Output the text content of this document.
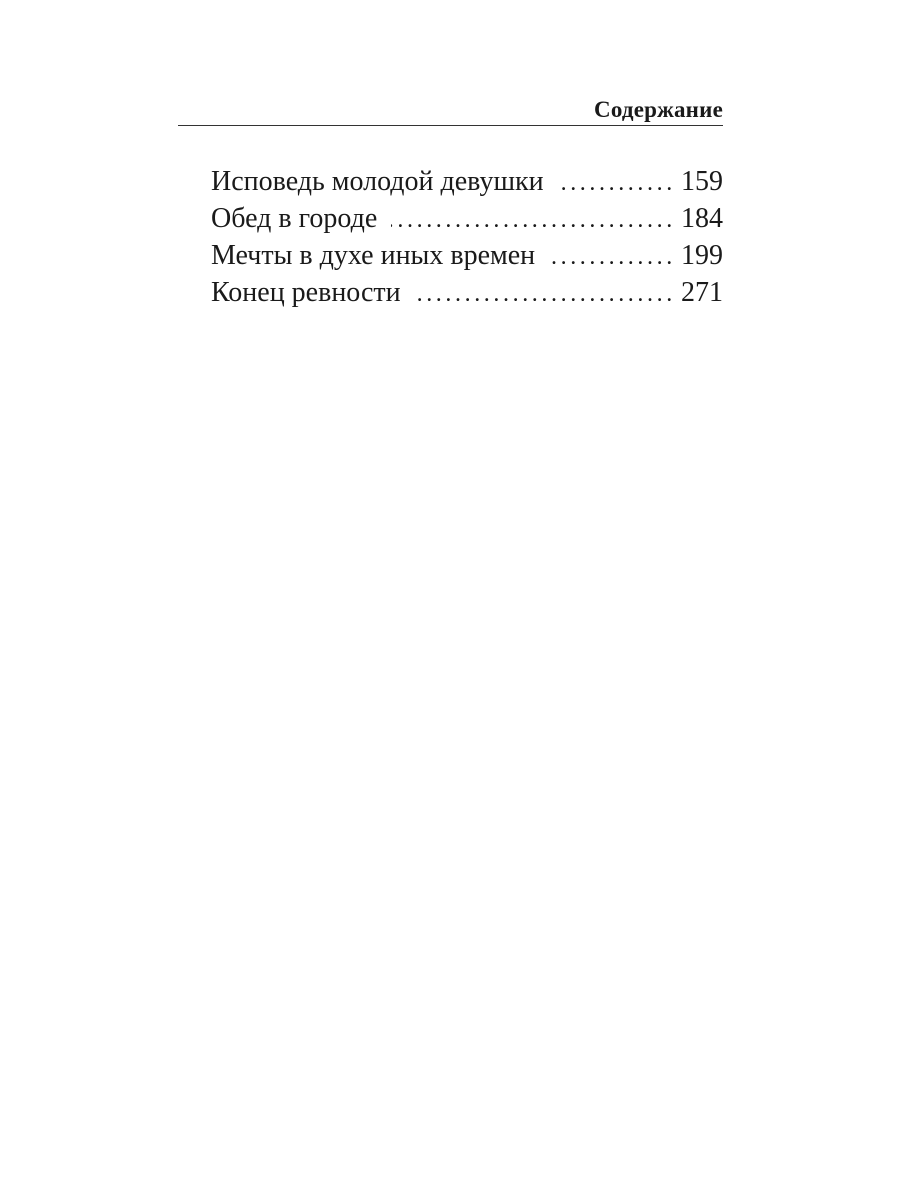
Содержание
Исповедь молодой девушки . . .	159
Обед в городе . . .	184
Мечты в духе иных времен . . .	199
Конец ревности . . .	271
